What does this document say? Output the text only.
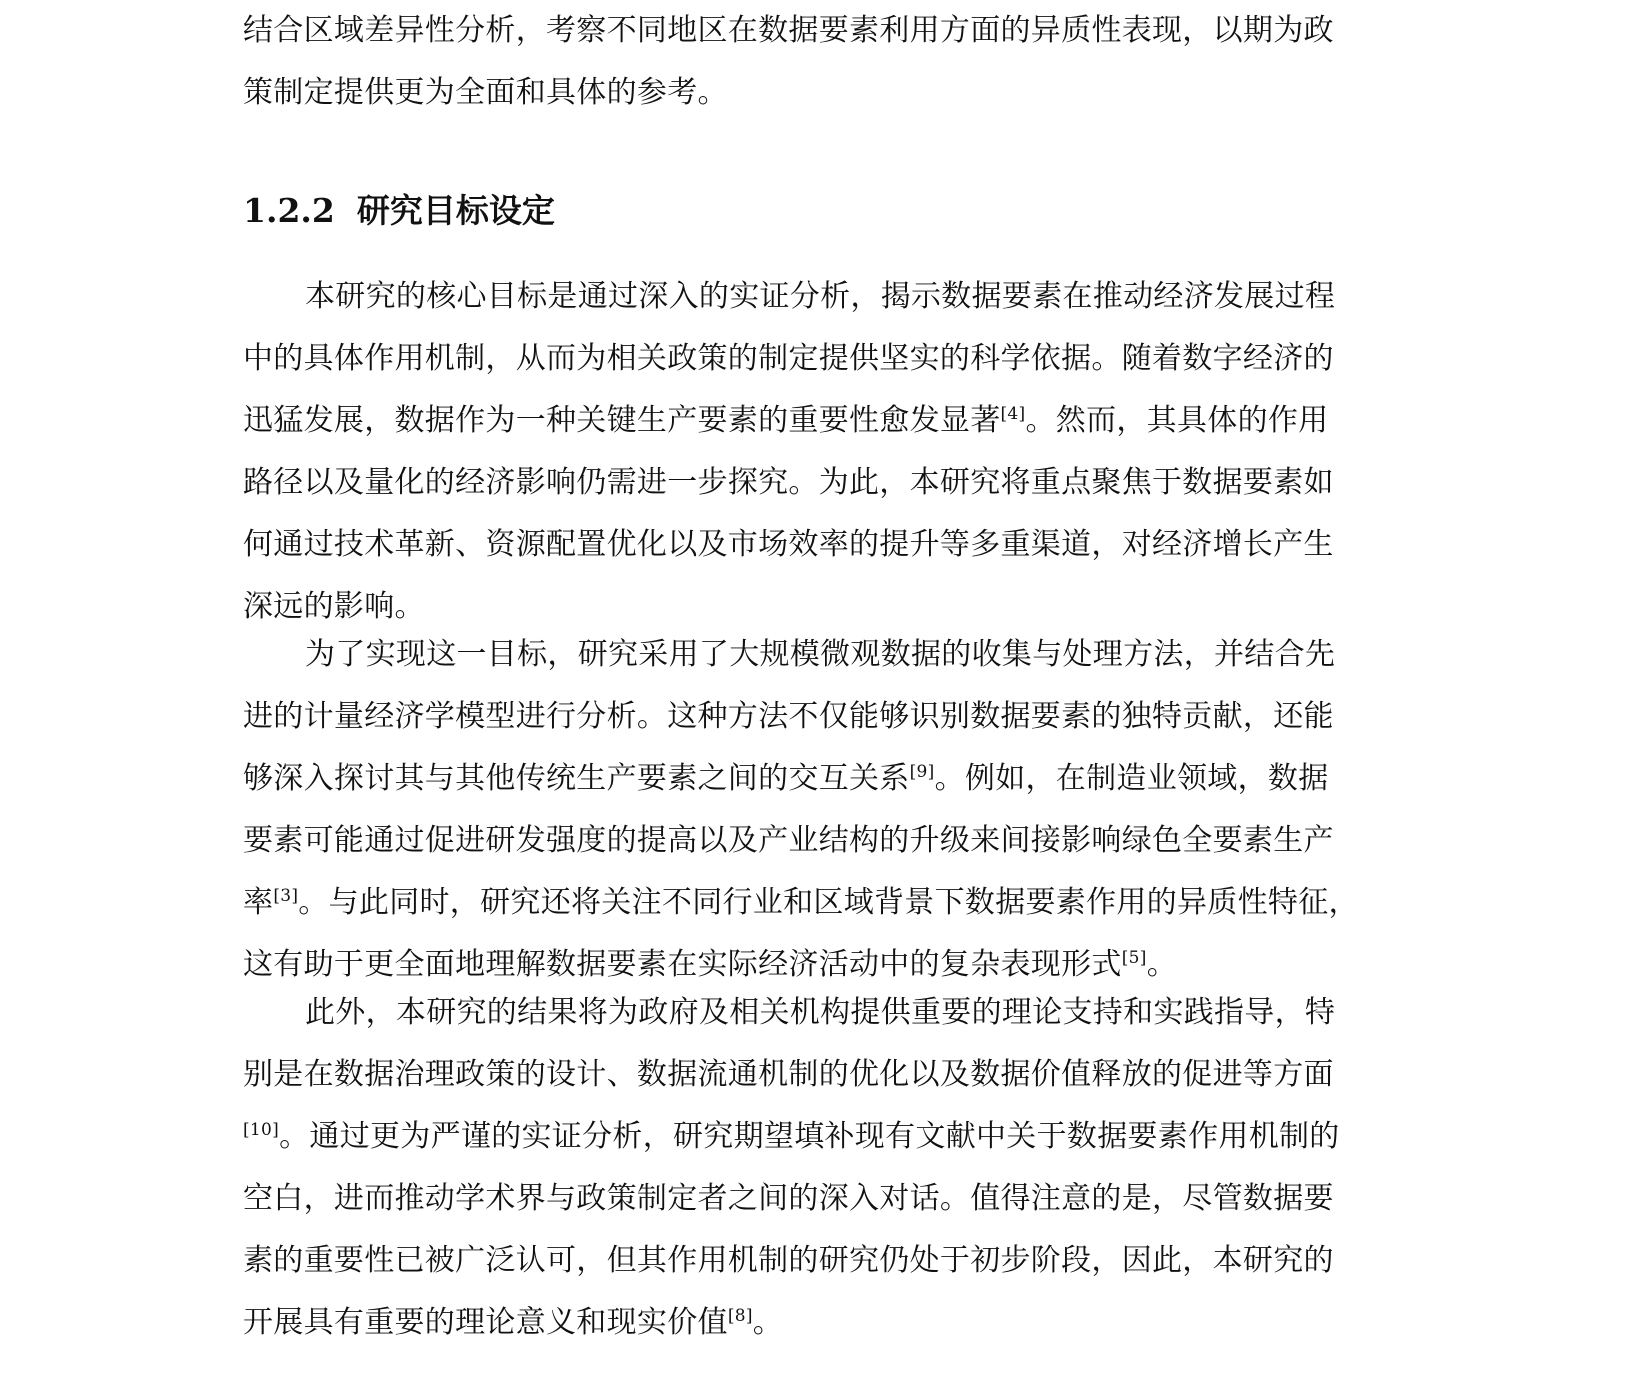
结合区域差异性分析，考察不同地区在数据要素利用方面的异质性表现，以期为政
策制定提供更为全面和具体的参考。
1.2.2 研究目标设定
本研究的核心目标是通过深入的实证分析，揭示数据要素在推动经济发展过程
中的具体作用机制，从而为相关政策的制定提供坚实的科学依据。随着数字经济的
迅猛发展，数据作为一种关键生产要素的重要性愈发显著[4]。然而，其具体的作用
路径以及量化的经济影响仍需进一步探究。为此，本研究将重点聚焦于数据要素如
何通过技术革新、资源配置优化以及市场效率的提升等多重渠道，对经济增长产生
深远的影响。
为了实现这一目标，研究采用了大规模微观数据的收集与处理方法，并结合先
进的计量经济学模型进行分析。这种方法不仅能够识别数据要素的独特贡献，还能
够深入探讨其与其他传统生产要素之间的交互关系[9]。例如，在制造业领域，数据
要素可能通过促进研发强度的提高以及产业结构的升级来间接影响绿色全要素生产
率[3]。与此同时，研究还将关注不同行业和区域背景下数据要素作用的异质性特征，
这有助于更全面地理解数据要素在实际经济活动中的复杂表现形式[5]。
此外，本研究的结果将为政府及相关机构提供重要的理论支持和实践指导，特
别是在数据治理政策的设计、数据流通机制的优化以及数据价值释放的促进等方面
[10]。通过更为严谨的实证分析，研究期望填补现有文献中关于数据要素作用机制的
空白，进而推动学术界与政策制定者之间的深入对话。值得注意的是，尽管数据要
素的重要性已被广泛认可，但其作用机制的研究仍处于初步阶段，因此，本研究的
开展具有重要的理论意义和现实价值[8]。
